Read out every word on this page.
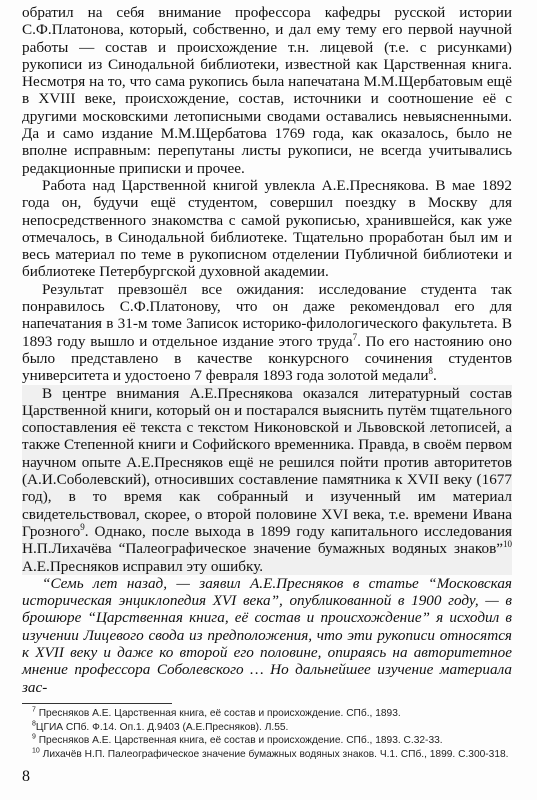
обратил на себя внимание профессора кафедры русской истории С.Ф.Платонова, который, собственно, и дал ему тему его первой научной работы — состав и происхождение т.н. лицевой (т.е. с рисунками) рукописи из Синодальной библиотеки, известной как Царственная книга. Несмотря на то, что сама рукопись была напечатана М.М.Щербатовым ещё в XVIII веке, происхождение, состав, источники и соотношение её с другими московскими летописными сводами оставались невыясненными. Да и само издание М.М.Щербатова 1769 года, как оказалось, было не вполне исправным: перепутаны листы рукописи, не всегда учитывались редакционные приписки и прочее.

Работа над Царственной книгой увлекла А.Е.Преснякова. В мае 1892 года он, будучи ещё студентом, совершил поездку в Москву для непосредственного знакомства с самой рукописью, хранившейся, как уже отмечалось, в Синодальной библиотеке. Тщательно проработан был им и весь материал по теме в рукописном отделении Публичной библиотеки и библиотеке Петербургской духовной академии.

Результат превзошёл все ожидания: исследование студента так понравилось С.Ф.Платонову, что он даже рекомендовал его для напечатания в 31-м томе Записок историко-филологического факультета. В 1893 году вышло и отдельное издание этого труда$^7$. По его настоянию оно было представлено в качестве конкурсного сочинения студентов университета и удостоено 7 февраля 1893 года золотой медали$^8$.

В центре внимания А.Е.Преснякова оказался литературный состав Царственной книги, который он и постарался выяснить путём тщательного сопоставления её текста с текстом Никоновской и Львовской летописей, а также Степенной книги и Софийского временника. Правда, в своём первом научном опыте А.Е.Пресняков ещё не решился пойти против авторитетов (А.И.Соболевский), относивших составление памятника к XVII веку (1677 год), в то время как собранный и изученный им материал свидетельствовал, скорее, о второй половине XVI века, т.е. времени Ивана Грозного$^9$. Однако, после выхода в 1899 году капитального исследования Н.П.Лихачёва “Палеографическое значение бумажных водяных знаков”$^{10}$ А.Е.Пресняков исправил эту ошибку.

“Семь лет назад, — заявил А.Е.Пресняков в статье “Московская историческая энциклопедия XVI века”, опубликованной в 1900 году, — в брошюре “Царственная книга, её состав и происхождение” я исходил в изучении Лицевого свода из предположения, что эти рукописи относятся к XVII веку и даже ко второй его половине, опираясь на авторитетное мнение профессора Соболевского … Но дальнейшее изучение материала зас-

$^7$ Пресняков А.Е. Царственная книга, её состав и происхождение. СПб., 1893.
$^8$ЦГИА СПб. Ф.14. Оп.1. Д.9403 (А.Е.Пресняков). Л.55.
$^9$ Пресняков А.Е. Царственная книга, её состав и происхождение. СПб., 1893. С.32-33.
$^{10}$ Лихачёв Н.П. Палеографическое значение бумажных водяных знаков. Ч.1. СПб., 1899. С.300-318.
8
